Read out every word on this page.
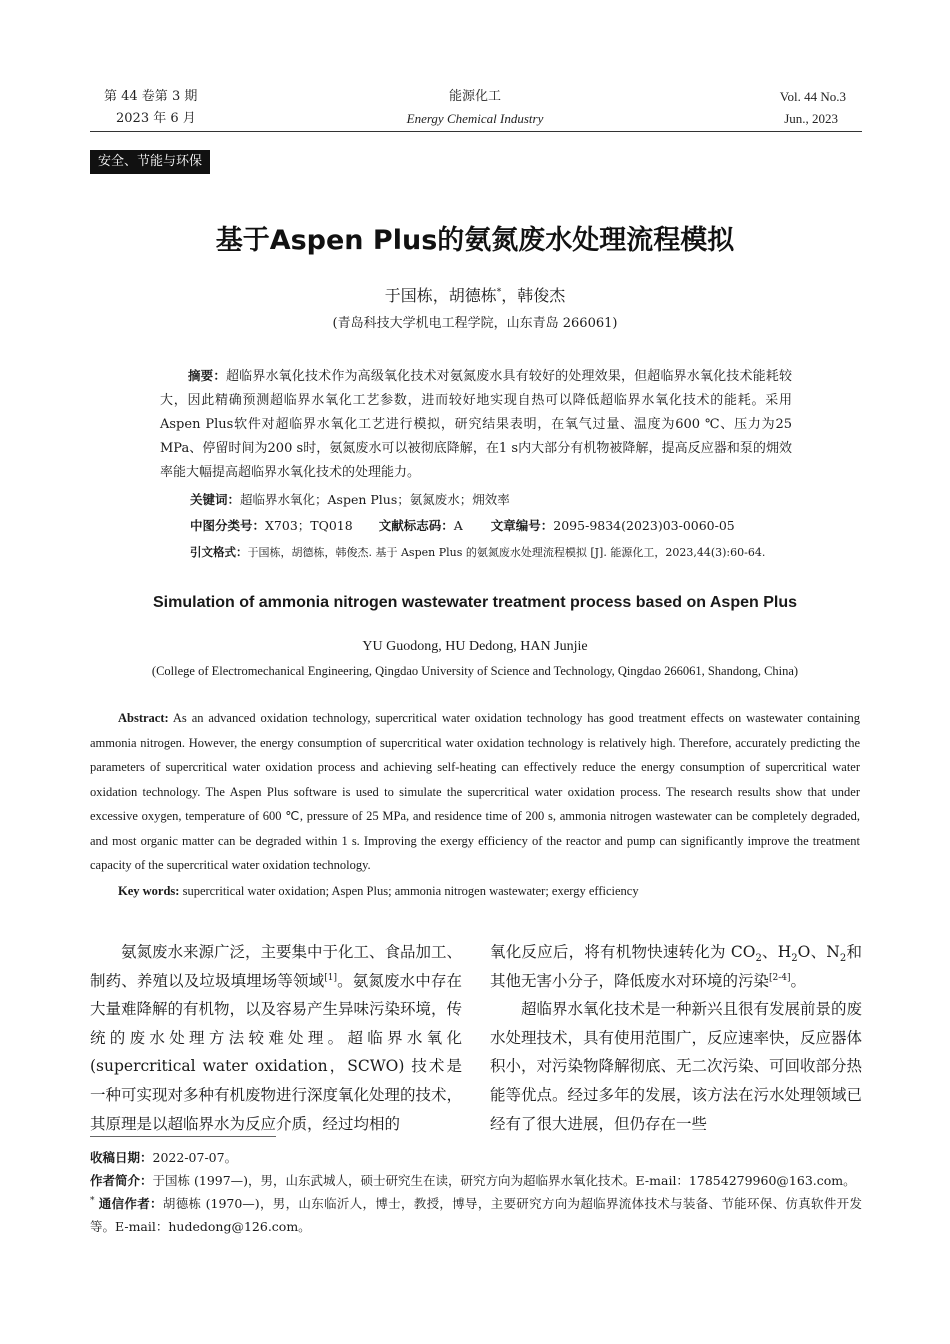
第 44 卷第 3 期
2023 年 6 月
能源化工
Energy Chemical Industry
Vol. 44 No.3
Jun., 2023
安全、节能与环保
基于Aspen Plus的氨氮废水处理流程模拟
于国栋，胡德栋*，韩俊杰
(青岛科技大学机电工程学院，山东青岛 266061)
摘要：超临界水氧化技术作为高级氧化技术对氨氮废水具有较好的处理效果，但超临界水氧化技术能耗较大，因此精确预测超临界水氧化工艺参数，进而较好地实现自热可以降低超临界水氧化技术的能耗。采用Aspen Plus软件对超临界水氧化工艺进行模拟，研究结果表明，在氧气过量、温度为600 ℃、压力为25 MPa、停留时间为200 s时，氨氮废水可以被彻底降解，在1 s内大部分有机物被降解，提高反应器和泵的㶲效率能大幅提高超临界水氧化技术的处理能力。
关键词：超临界水氧化；Aspen Plus；氨氮废水；㶲效率
中图分类号：X703；TQ018 文献标志码：A 文章编号：2095-9834(2023)03-0060-05
引文格式：于国栋，胡德栋，韩俊杰. 基于 Aspen Plus 的氨氮废水处理流程模拟 [J]. 能源化工，2023,44(3):60-64.
Simulation of ammonia nitrogen wastewater treatment process based on Aspen Plus
YU Guodong, HU Dedong, HAN Junjie
(College of Electromechanical Engineering, Qingdao University of Science and Technology, Qingdao 266061, Shandong, China)
Abstract: As an advanced oxidation technology, supercritical water oxidation technology has good treatment effects on wastewater containing ammonia nitrogen. However, the energy consumption of supercritical water oxidation technology is relatively high. Therefore, accurately predicting the parameters of supercritical water oxidation process and achieving self-heating can effectively reduce the energy consumption of supercritical water oxidation technology. The Aspen Plus software is used to simulate the supercritical water oxidation process. The research results show that under excessive oxygen, temperature of 600 ℃, pressure of 25 MPa, and residence time of 200 s, ammonia nitrogen wastewater can be completely degraded, and most organic matter can be degraded within 1 s. Improving the exergy efficiency of the reactor and pump can significantly improve the treatment capacity of the supercritical water oxidation technology.
Key words: supercritical water oxidation; Aspen Plus; ammonia nitrogen wastewater; exergy efficiency

氨氮废水来源广泛，主要集中于化工、食品加工、制药、养殖以及垃圾填埋场等领域[1]。氨氮废水中存在大量难降解的有机物，以及容易产生异味污染环境，传统的废水处理方法较难处理。超临界水氧化 (supercritical water oxidation，SCWO) 技术是一种可实现对多种有机废物进行深度氧化处理的技术，其原理是以超临界水为反应介质，经过均相的

氧化反应后，将有机物快速转化为 $CO_2$、$H_2O$、$N_2$和其他无害小分子，降低废水对环境的污染[2-4]。

超临界水氧化技术是一种新兴且很有发展前景的废水处理技术，具有使用范围广，反应速率快，反应器体积小，对污染物降解彻底、无二次污染、可回收部分热能等优点。经过多年的发展，该方法在污水处理领域已经有了很大进展，但仍存在一些

收稿日期：2022-07-07。

作者简介：于国栋 (1997—)，男，山东武城人，硕士研究生在读，研究方向为超临界水氧化技术。E-mail：17854279960@163.com。

* 通信作者：胡德栋 (1970—)，男，山东临沂人，博士，教授，博导，主要研究方向为超临界流体技术与装备、节能环保、仿真软件开发等。E-mail：hudedong@126.com。
